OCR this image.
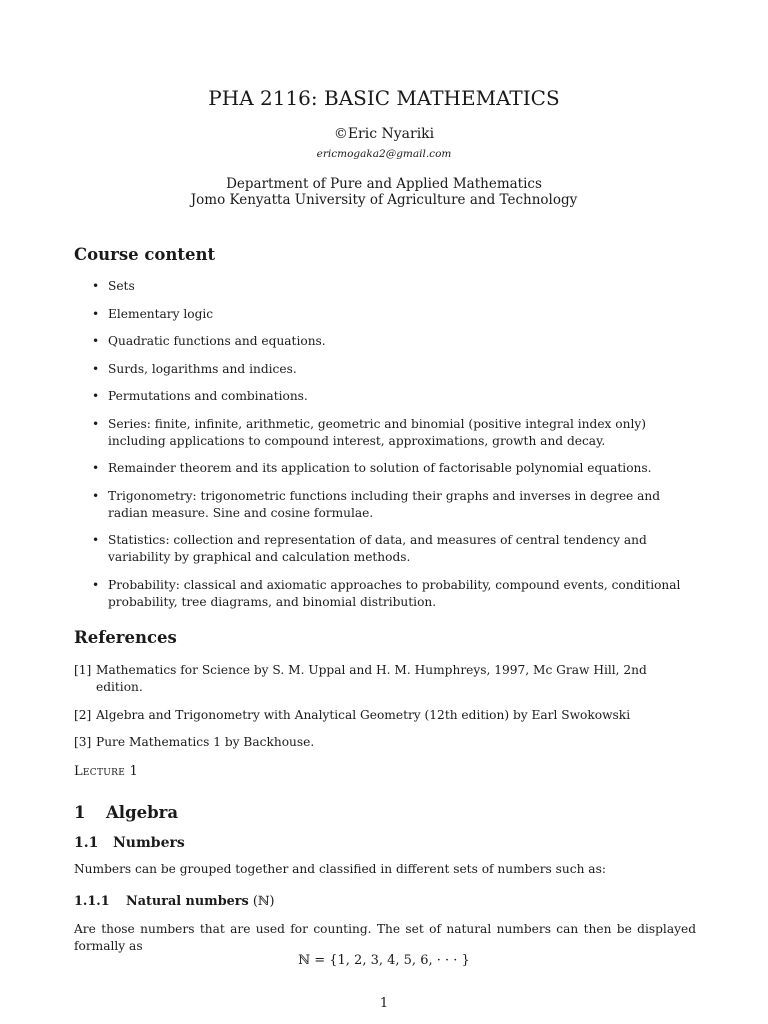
PHA 2116: BASIC MATHEMATICS
©Eric Nyariki
ericmogaka2@gmail.com
Department of Pure and Applied Mathematics
Jomo Kenyatta University of Agriculture and Technology
Course content
• Sets
• Elementary logic
• Quadratic functions and equations.
• Surds, logarithms and indices.
• Permutations and combinations.
• Series: finite, infinite, arithmetic, geometric and binomial (positive integral index only) including applications to compound interest, approximations, growth and decay.
• Remainder theorem and its application to solution of factorisable polynomial equations.
• Trigonometry: trigonometric functions including their graphs and inverses in degree and radian measure. Sine and cosine formulae.
• Statistics: collection and representation of data, and measures of central tendency and variability by graphical and calculation methods.
• Probability: classical and axiomatic approaches to probability, compound events, conditional probability, tree diagrams, and binomial distribution.
References
[1] Mathematics for Science by S. M. Uppal and H. M. Humphreys, 1997, Mc Graw Hill, 2nd edition.
[2] Algebra and Trigonometry with Analytical Geometry (12th edition) by Earl Swokowski
[3] Pure Mathematics 1 by Backhouse.
Lecture 1
1 Algebra
1.1 Numbers
Numbers can be grouped together and classified in different sets of numbers such as:
1.1.1 Natural numbers (ℕ)
Are those numbers that are used for counting. The set of natural numbers can then be displayed formally as
ℕ = {1, 2, 3, 4, 5, 6, · · · }
1
